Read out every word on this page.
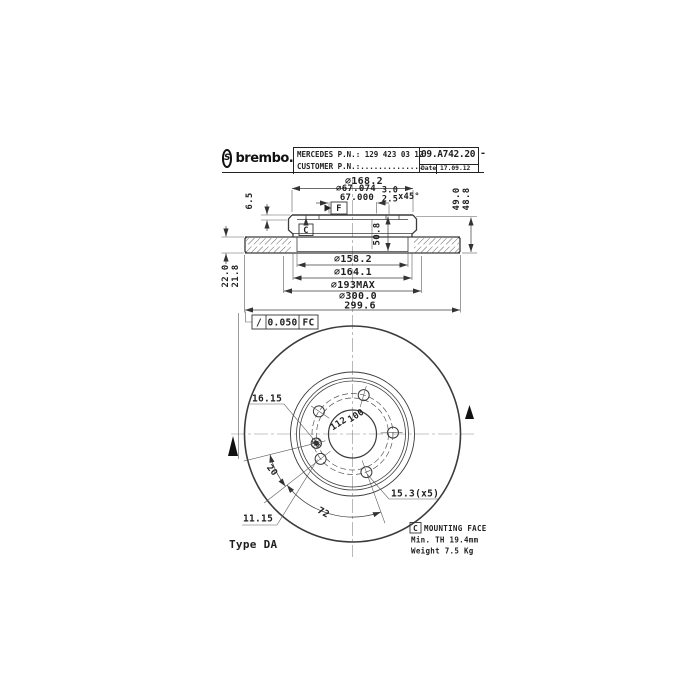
S brembo. MERCEDES P.N.: 129 423 03 12
CUSTOMER P.N.:..............
09.A742.20
Date 17.09.12
-
∅168.2
∅67.074
67.000
3.0
2.5 x45°
6.5	49.0 48.8
50.8
C
F
22.0 21.8
∅158.2
∅164.1
∅193MAX
∅300.0
299.6
/ 0.050 FC
20
72
112
100
16.15
11.15
15.3(x5)
Type DA
C MOUNTING FACE
Min. TH 19.4mm
Weight 7.5 Kg
